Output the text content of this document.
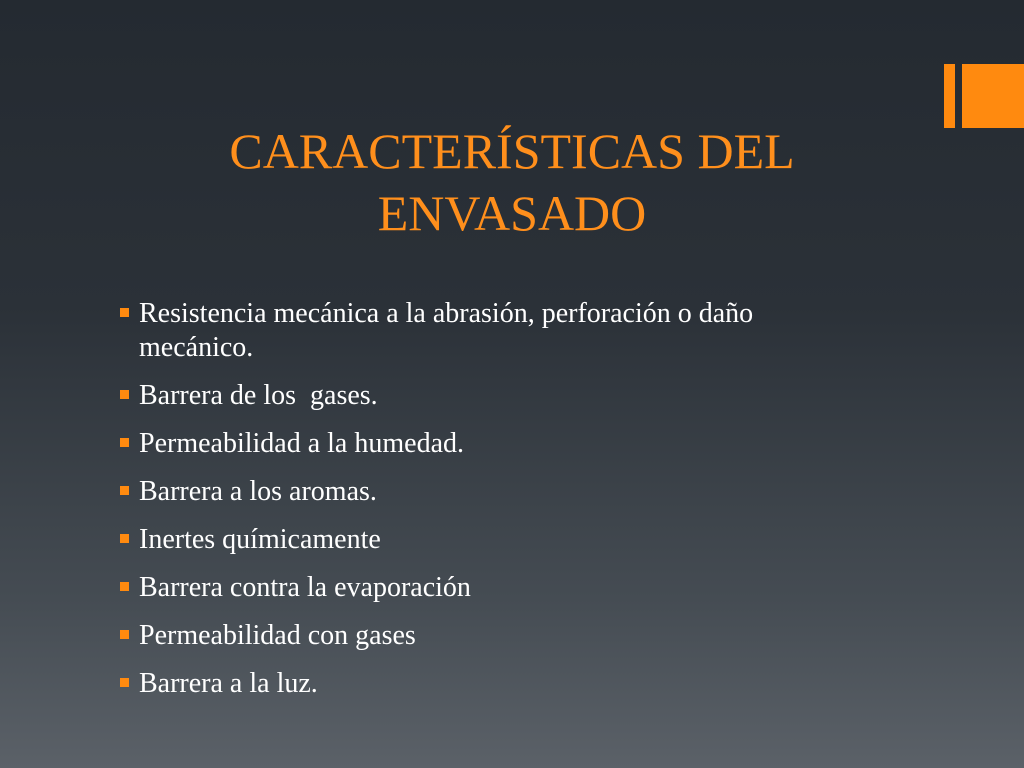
CARACTERÍSTICAS DEL
ENVASADO
Resistencia mecánica a la abrasión, perforación o daño
mecánico.
Barrera de los  gases.
Permeabilidad a la humedad.
Barrera a los aromas.
Inertes químicamente
Barrera contra la evaporación
Permeabilidad con gases
Barrera a la luz.
